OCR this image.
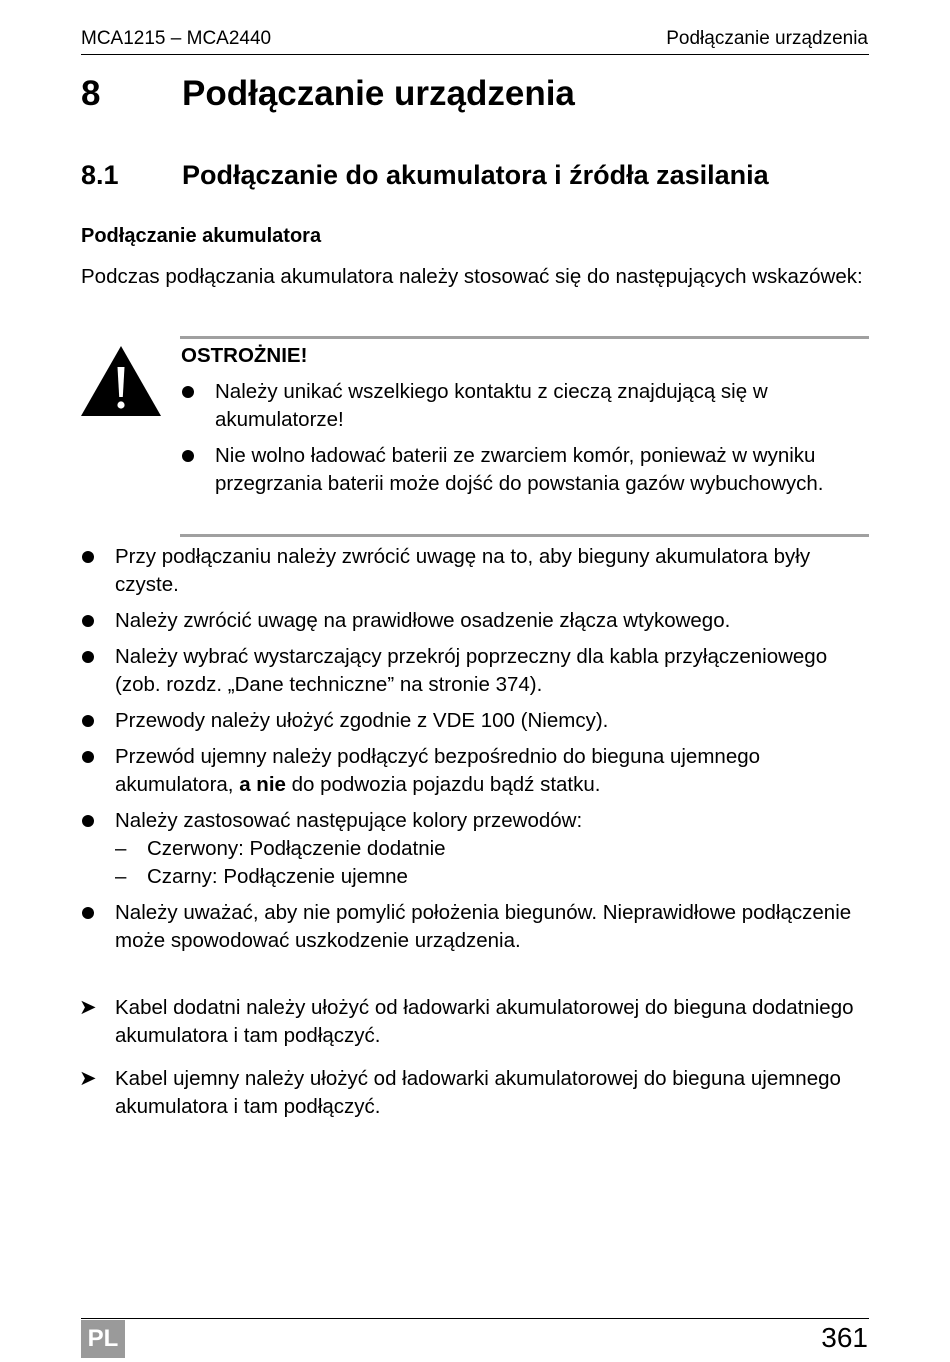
MCA1215 – MCA2440	Podłączanie urządzenia
8 Podłączanie urządzenia
8.1 Podłączanie do akumulatora i źródła zasilania
Podłączanie akumulatora
Podczas podłączania akumulatora należy stosować się do następujących wskazówek:
OSTROŻNIE!
Należy unikać wszelkiego kontaktu z cieczą znajdującą się w akumulatorze!
Nie wolno ładować baterii ze zwarciem komór, ponieważ w wyniku przegrzania baterii może dojść do powstania gazów wybuchowych.
Przy podłączaniu należy zwrócić uwagę na to, aby bieguny akumulatora były czyste.
Należy zwrócić uwagę na prawidłowe osadzenie złącza wtykowego.
Należy wybrać wystarczający przekrój poprzeczny dla kabla przyłączeniowego (zob. rozdz. „Dane techniczne” na stronie 374).
Przewody należy ułożyć zgodnie z VDE 100 (Niemcy).
Przewód ujemny należy podłączyć bezpośrednio do bieguna ujemnego akumulatora, a nie do podwozia pojazdu bądź statku.
Należy zastosować następujące kolory przewodów:
– Czerwony: Podłączenie dodatnie
– Czarny: Podłączenie ujemne
Należy uważać, aby nie pomylić położenia biegunów. Nieprawidłowe podłączenie może spowodować uszkodzenie urządzenia.
➤ Kabel dodatni należy ułożyć od ładowarki akumulatorowej do bieguna dodatniego akumulatora i tam podłączyć.
➤ Kabel ujemny należy ułożyć od ładowarki akumulatorowej do bieguna ujemnego akumulatora i tam podłączyć.
PL	361
